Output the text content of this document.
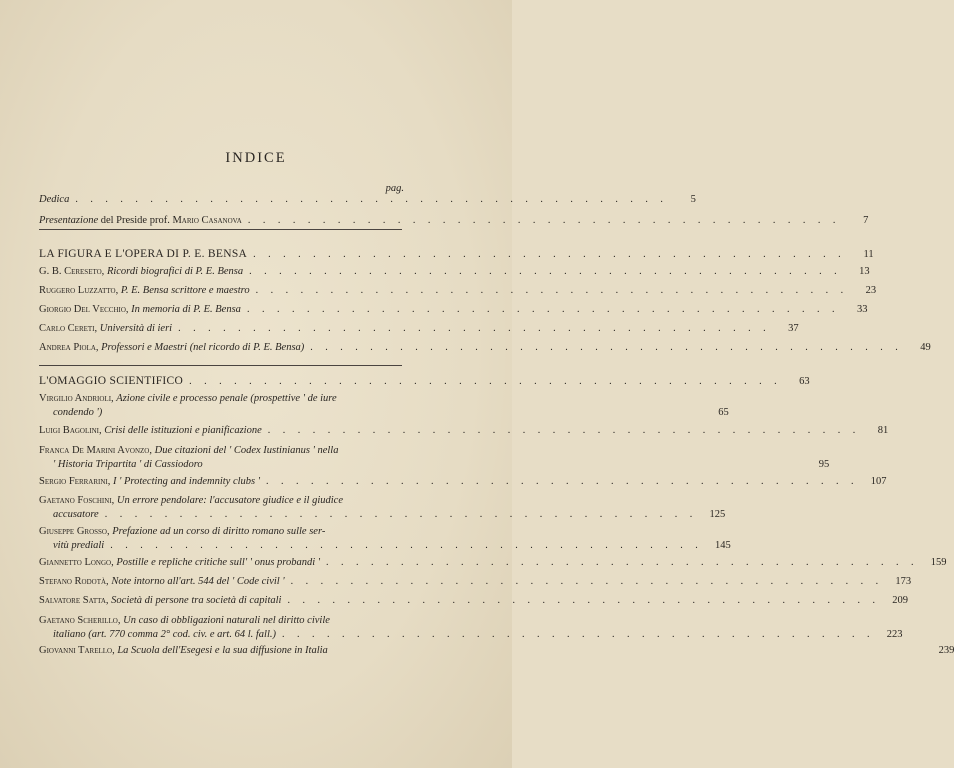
INDICE
pag.
Dedica . . . . . . . . . . . . . . . . . . . . . . . . . . . . . . . . . . . . . . . .	5
Presentazione del Preside prof. Mario Casanova . . . . . . . . . . . . . . . . . . . . . . . . . . . . . . . . . . . . . . . .	7
LA FIGURA E L'OPERA DI P. E. BENSA . . . . . . . . . . . . . . . . . . . . . . . . . . . . . . . . . . . . . . . .	11
G. B. Cereseto, Ricordi biografici di P. E. Bensa . . . . . . . . . . . . . . . . . . . . . . . . . . . . . . . . . . . . . . . .	13
Ruggero Luzzatto, P. E. Bensa scrittore e maestro . . . . . . . . . . . . . . . . . . . . . . . . . . . . . . . . . . . . . . . .	23
Giorgio Del Vecchio, In memoria di P. E. Bensa . . . . . . . . . . . . . . . . . . . . . . . . . . . . . . . . . . . . . . . .	33
Carlo Cereti, Università di ieri . . . . . . . . . . . . . . . . . . . . . . . . . . . . . . . . . . . . . . . .	37
Andrea Piola, Professori e Maestri (nel ricordo di P. E. Bensa) . . . . . . . . . . . . . . . . . . . . . . . . . . . . . . . . . . . . . . . .	49
L'OMAGGIO SCIENTIFICO . . . . . . . . . . . . . . . . . . . . . . . . . . . . . . . . . . . . . . . .	63
Virgilio Andrioli, Azione civile e processo penale (prospettive ' de iure
condendo ')	65
Luigi Bagolini, Crisi delle istituzioni e pianificazione . . . . . . . . . . . . . . . . . . . . . . . . . . . . . . . . . . . . . . . .	81
Franca De Marini Avonzo, Due citazioni del ' Codex Iustinianus ' nella
' Historia Tripartita ' di Cassiodoro	95
Sergio Ferrarini, I ' Protecting and indemnity clubs ' . . . . . . . . . . . . . . . . . . . . . . . . . . . . . . . . . . . . . . . .	107
Gaetano Foschini, Un errore pendolare: l'accusatore giudice e il giudice
accusatore . . . . . . . . . . . . . . . . . . . . . . . . . . . . . . . . . . . . . . . .	125
Giuseppe Grosso, Prefazione ad un corso di diritto romano sulle ser-
vitù prediali . . . . . . . . . . . . . . . . . . . . . . . . . . . . . . . . . . . . . . . .	145
Giannetto Longo, Postille e repliche critiche sull' ' onus probandi ' . . . . . . . . . . . . . . . . . . . . . . . . . . . . . . . . . . . . . . . .	159
Stefano Rodotà, Note intorno all'art. 544 del ' Code civil ' . . . . . . . . . . . . . . . . . . . . . . . . . . . . . . . . . . . . . . . .	173
Salvatore Satta, Società di persone tra società di capitali . . . . . . . . . . . . . . . . . . . . . . . . . . . . . . . . . . . . . . . .	209
Gaetano Scherillo, Un caso di obbligazioni naturali nel diritto civile
italiano (art. 770 comma 2° cod. civ. e art. 64 l. fall.) . . . . . . . . . . . . . . . . . . . . . . . . . . . . . . . . . . . . . . . .	223
Giovanni Tarello, La Scuola dell'Esegesi e la sua diffusione in Italia	239
